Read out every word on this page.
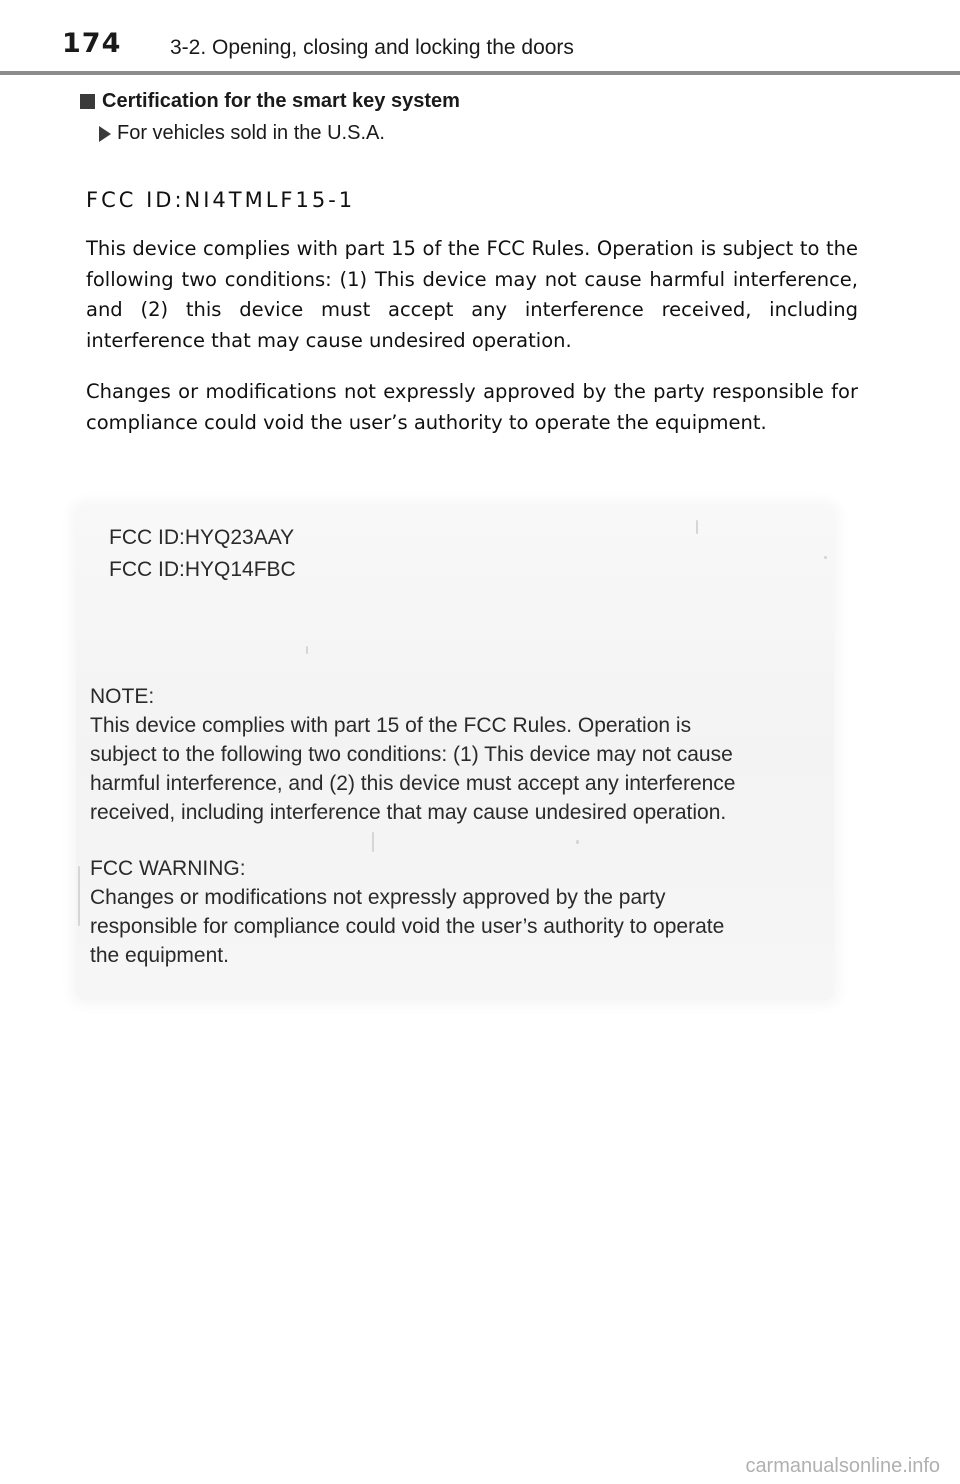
174 3-2. Opening, closing and locking the doors
Certification for the smart key system
For vehicles sold in the U.S.A.
FCC ID:NI4TMLF15-1

This device complies with part 15 of the FCC Rules. Operation is subject to the following two conditions: (1) This device may not cause harmful interference, and (2) this device must accept any interference received, including interference that may cause undesired operation.

Changes or modifications not expressly approved by the party responsible for compliance could void the user’s authority to operate the equipment.

FCC ID:HYQ23AAY
FCC ID:HYQ14FBC
NOTE:
This device complies with part 15 of the FCC Rules. Operation is
subject to the following two conditions: (1) This device may not cause
harmful interference, and (2) this device must accept any interference
received, including interference that may cause undesired operation.
FCC WARNING:
Changes or modifications not expressly approved by the party
responsible for compliance could void the user’s authority to operate
the equipment.
carmanualsonline.info
